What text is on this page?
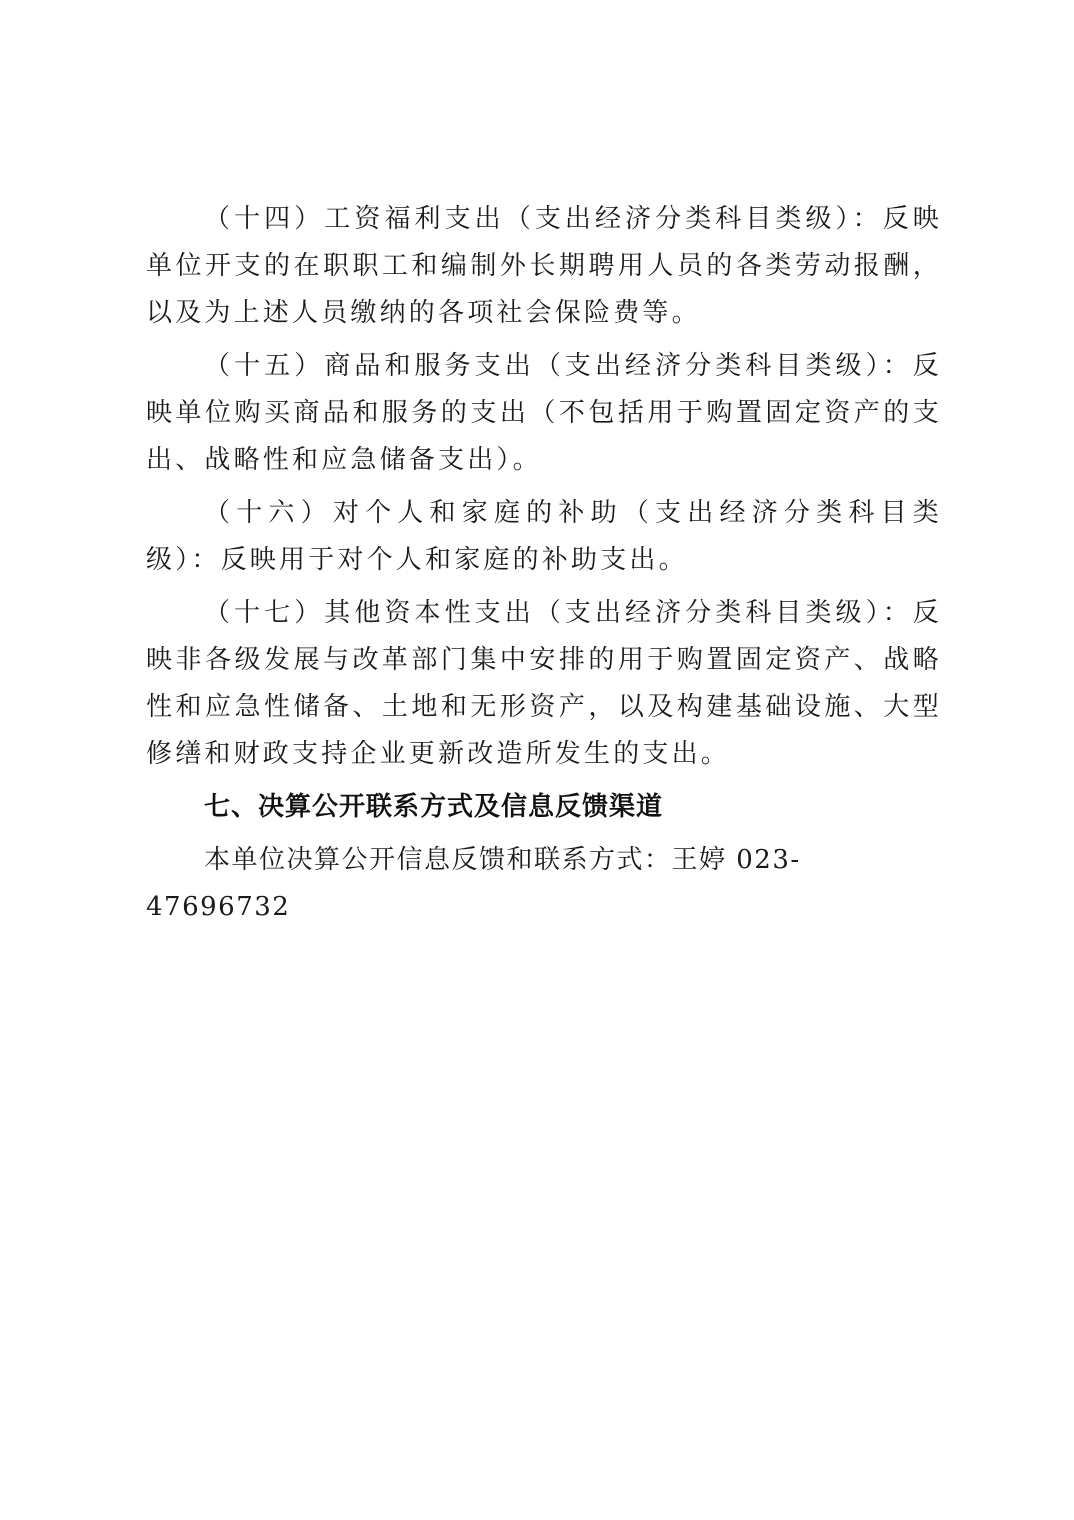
（十四）工资福利支出（支出经济分类科目类级）：反映单位开支的在职职工和编制外长期聘用人员的各类劳动报酬，以及为上述人员缴纳的各项社会保险费等。

（十五）商品和服务支出（支出经济分类科目类级）：反映单位购买商品和服务的支出（不包括用于购置固定资产的支出、战略性和应急储备支出）。

（十六）对个人和家庭的补助（支出经济分类科目类级）：反映用于对个人和家庭的补助支出。

（十七）其他资本性支出（支出经济分类科目类级）：反映非各级发展与改革部门集中安排的用于购置固定资产、战略性和应急性储备、土地和无形资产，以及构建基础设施、大型修缮和财政支持企业更新改造所发生的支出。

七、决算公开联系方式及信息反馈渠道

本单位决算公开信息反馈和联系方式：王婷 023-47696732
